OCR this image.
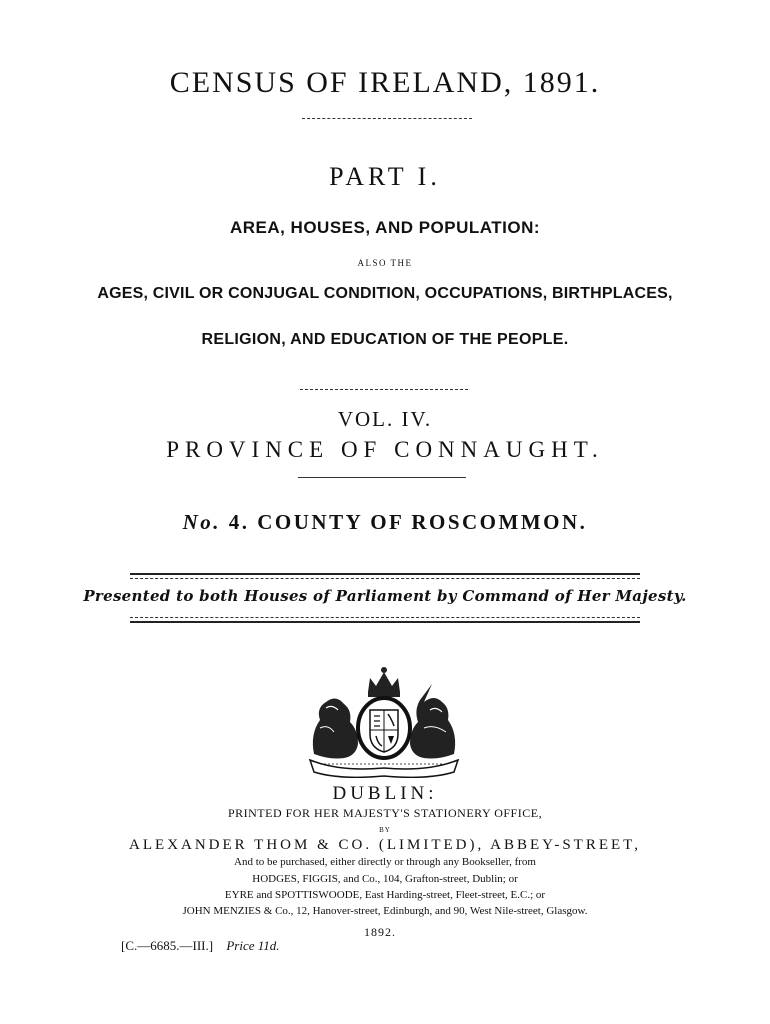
CENSUS OF IRELAND, 1891.
PART I.
AREA, HOUSES, AND POPULATION:
ALSO THE
AGES, CIVIL OR CONJUGAL CONDITION, OCCUPATIONS, BIRTHPLACES,
RELIGION, AND EDUCATION OF THE PEOPLE.
VOL. IV.
PROVINCE OF CONNAUGHT.
No. 4. COUNTY OF ROSCOMMON.
Presented to both Houses of Parliament by Command of Her Majesty.
DUBLIN:
PRINTED FOR HER MAJESTY'S STATIONERY OFFICE,
BY
ALEXANDER THOM & CO. (LIMITED), ABBEY-STREET,
And to be purchased, either directly or through any Bookseller, from
HODGES, FIGGIS, and Co., 104, Grafton-street, Dublin; or
EYRE and SPOTTISWOODE, East Harding-street, Fleet-street, E.C.; or
JOHN MENZIES & Co., 12, Hanover-street, Edinburgh, and 90, West Nile-street, Glasgow.
1892.
[C.—6685.—III.] Price 11d.
